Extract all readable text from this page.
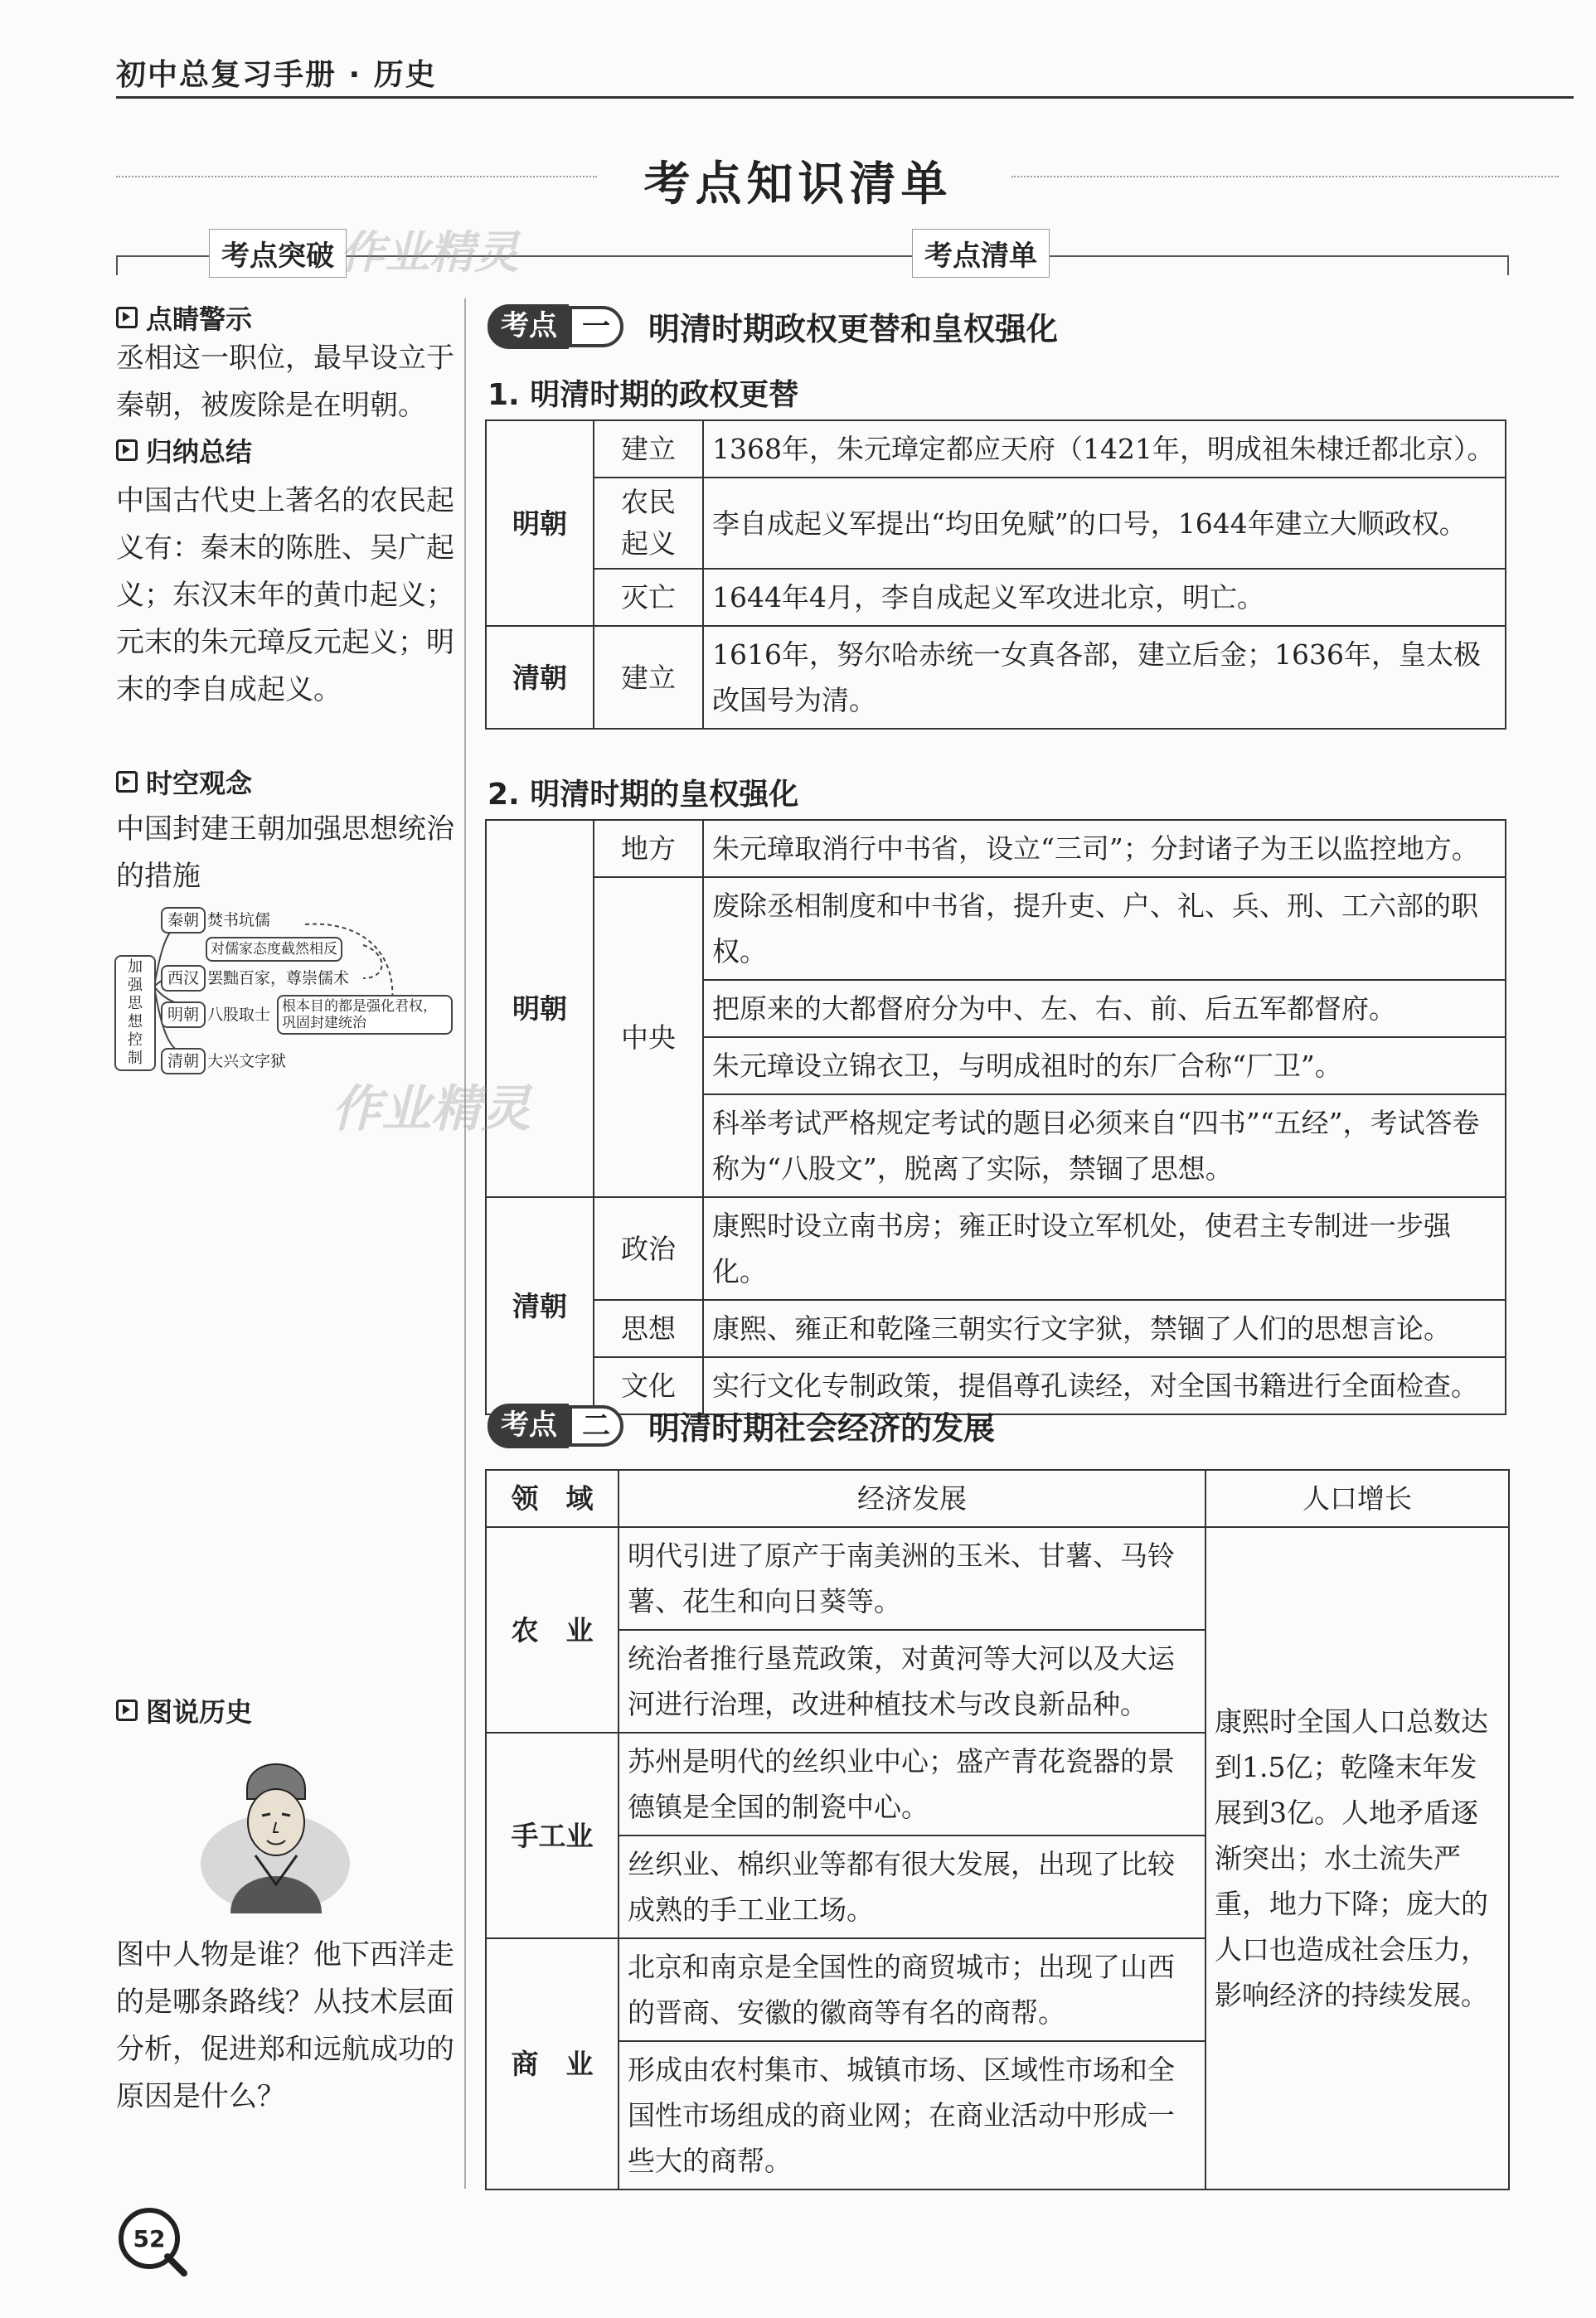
初中总复习手册 · 历史
考点知识清单
考点突破	考点清单
作业精灵
点睛警示
丞相这一职位，最早设立于秦朝，被废除是在明朝。
归纳总结
中国古代史上著名的农民起义有：秦末的陈胜、吴广起义；东汉末年的黄巾起义；元末的朱元璋反元起义；明末的李自成起义。
时空观念
中国封建王朝加强思想统治的措施
加强思想控制
秦朝 焚书坑儒
对儒家态度截然相反
西汉 罢黜百家，尊崇儒术
明朝 八股取士 根本目的都是强化君权，巩固封建统治
清朝 大兴文字狱
图说历史
图中人物是谁？他下西洋走的是哪条路线？从技术层面分析，促进郑和远航成功的原因是什么？
考点 一	明清时期政权更替和皇权强化
1. 明清时期的政权更替
明朝	建立	1368年，朱元璋定都应天府（1421年，明成祖朱棣迁都北京）。
	农民起义	李自成起义军提出“均田免赋”的口号，1644年建立大顺政权。
	灭亡	1644年4月，李自成起义军攻进北京，明亡。
清朝	建立	1616年，努尔哈赤统一女真各部，建立后金；1636年，皇太极改国号为清。
2. 明清时期的皇权强化
明朝	地方	朱元璋取消行中书省，设立“三司”；分封诸子为王以监控地方。
	中央	废除丞相制度和中书省，提升吏、户、礼、兵、刑、工六部的职权。
		把原来的大都督府分为中、左、右、前、后五军都督府。
		朱元璋设立锦衣卫，与明成祖时的东厂合称“厂卫”。
		科举考试严格规定考试的题目必须来自“四书”“五经”，考试答卷称为“八股文”，脱离了实际，禁锢了思想。
清朝	政治	康熙时设立南书房；雍正时设立军机处，使君主专制进一步强化。
	思想	康熙、雍正和乾隆三朝实行文字狱，禁锢了人们的思想言论。
	文化	实行文化专制政策，提倡尊孔读经，对全国书籍进行全面检查。
作业精灵
考点 二	明清时期社会经济的发展
领　域	经济发展	人口增长
农　业	明代引进了原产于南美洲的玉米、甘薯、马铃薯、花生和向日葵等。	康熙时全国人口总数达到1.5亿；乾隆末年发展到3亿。人地矛盾逐渐突出；水土流失严重，地力下降；庞大的人口也造成社会压力，影响经济的持续发展。
	统治者推行垦荒政策，对黄河等大河以及大运河进行治理，改进种植技术与改良新品种。	
手工业	苏州是明代的丝织业中心；盛产青花瓷器的景德镇是全国的制瓷中心。	
	丝织业、棉织业等都有很大发展，出现了比较成熟的手工业工场。	
商　业	北京和南京是全国性的商贸城市；出现了山西的晋商、安徽的徽商等有名的商帮。	
	形成由农村集市、城镇市场、区域性市场和全国性市场组成的商业网；在商业活动中形成一些大的商帮。	
52
